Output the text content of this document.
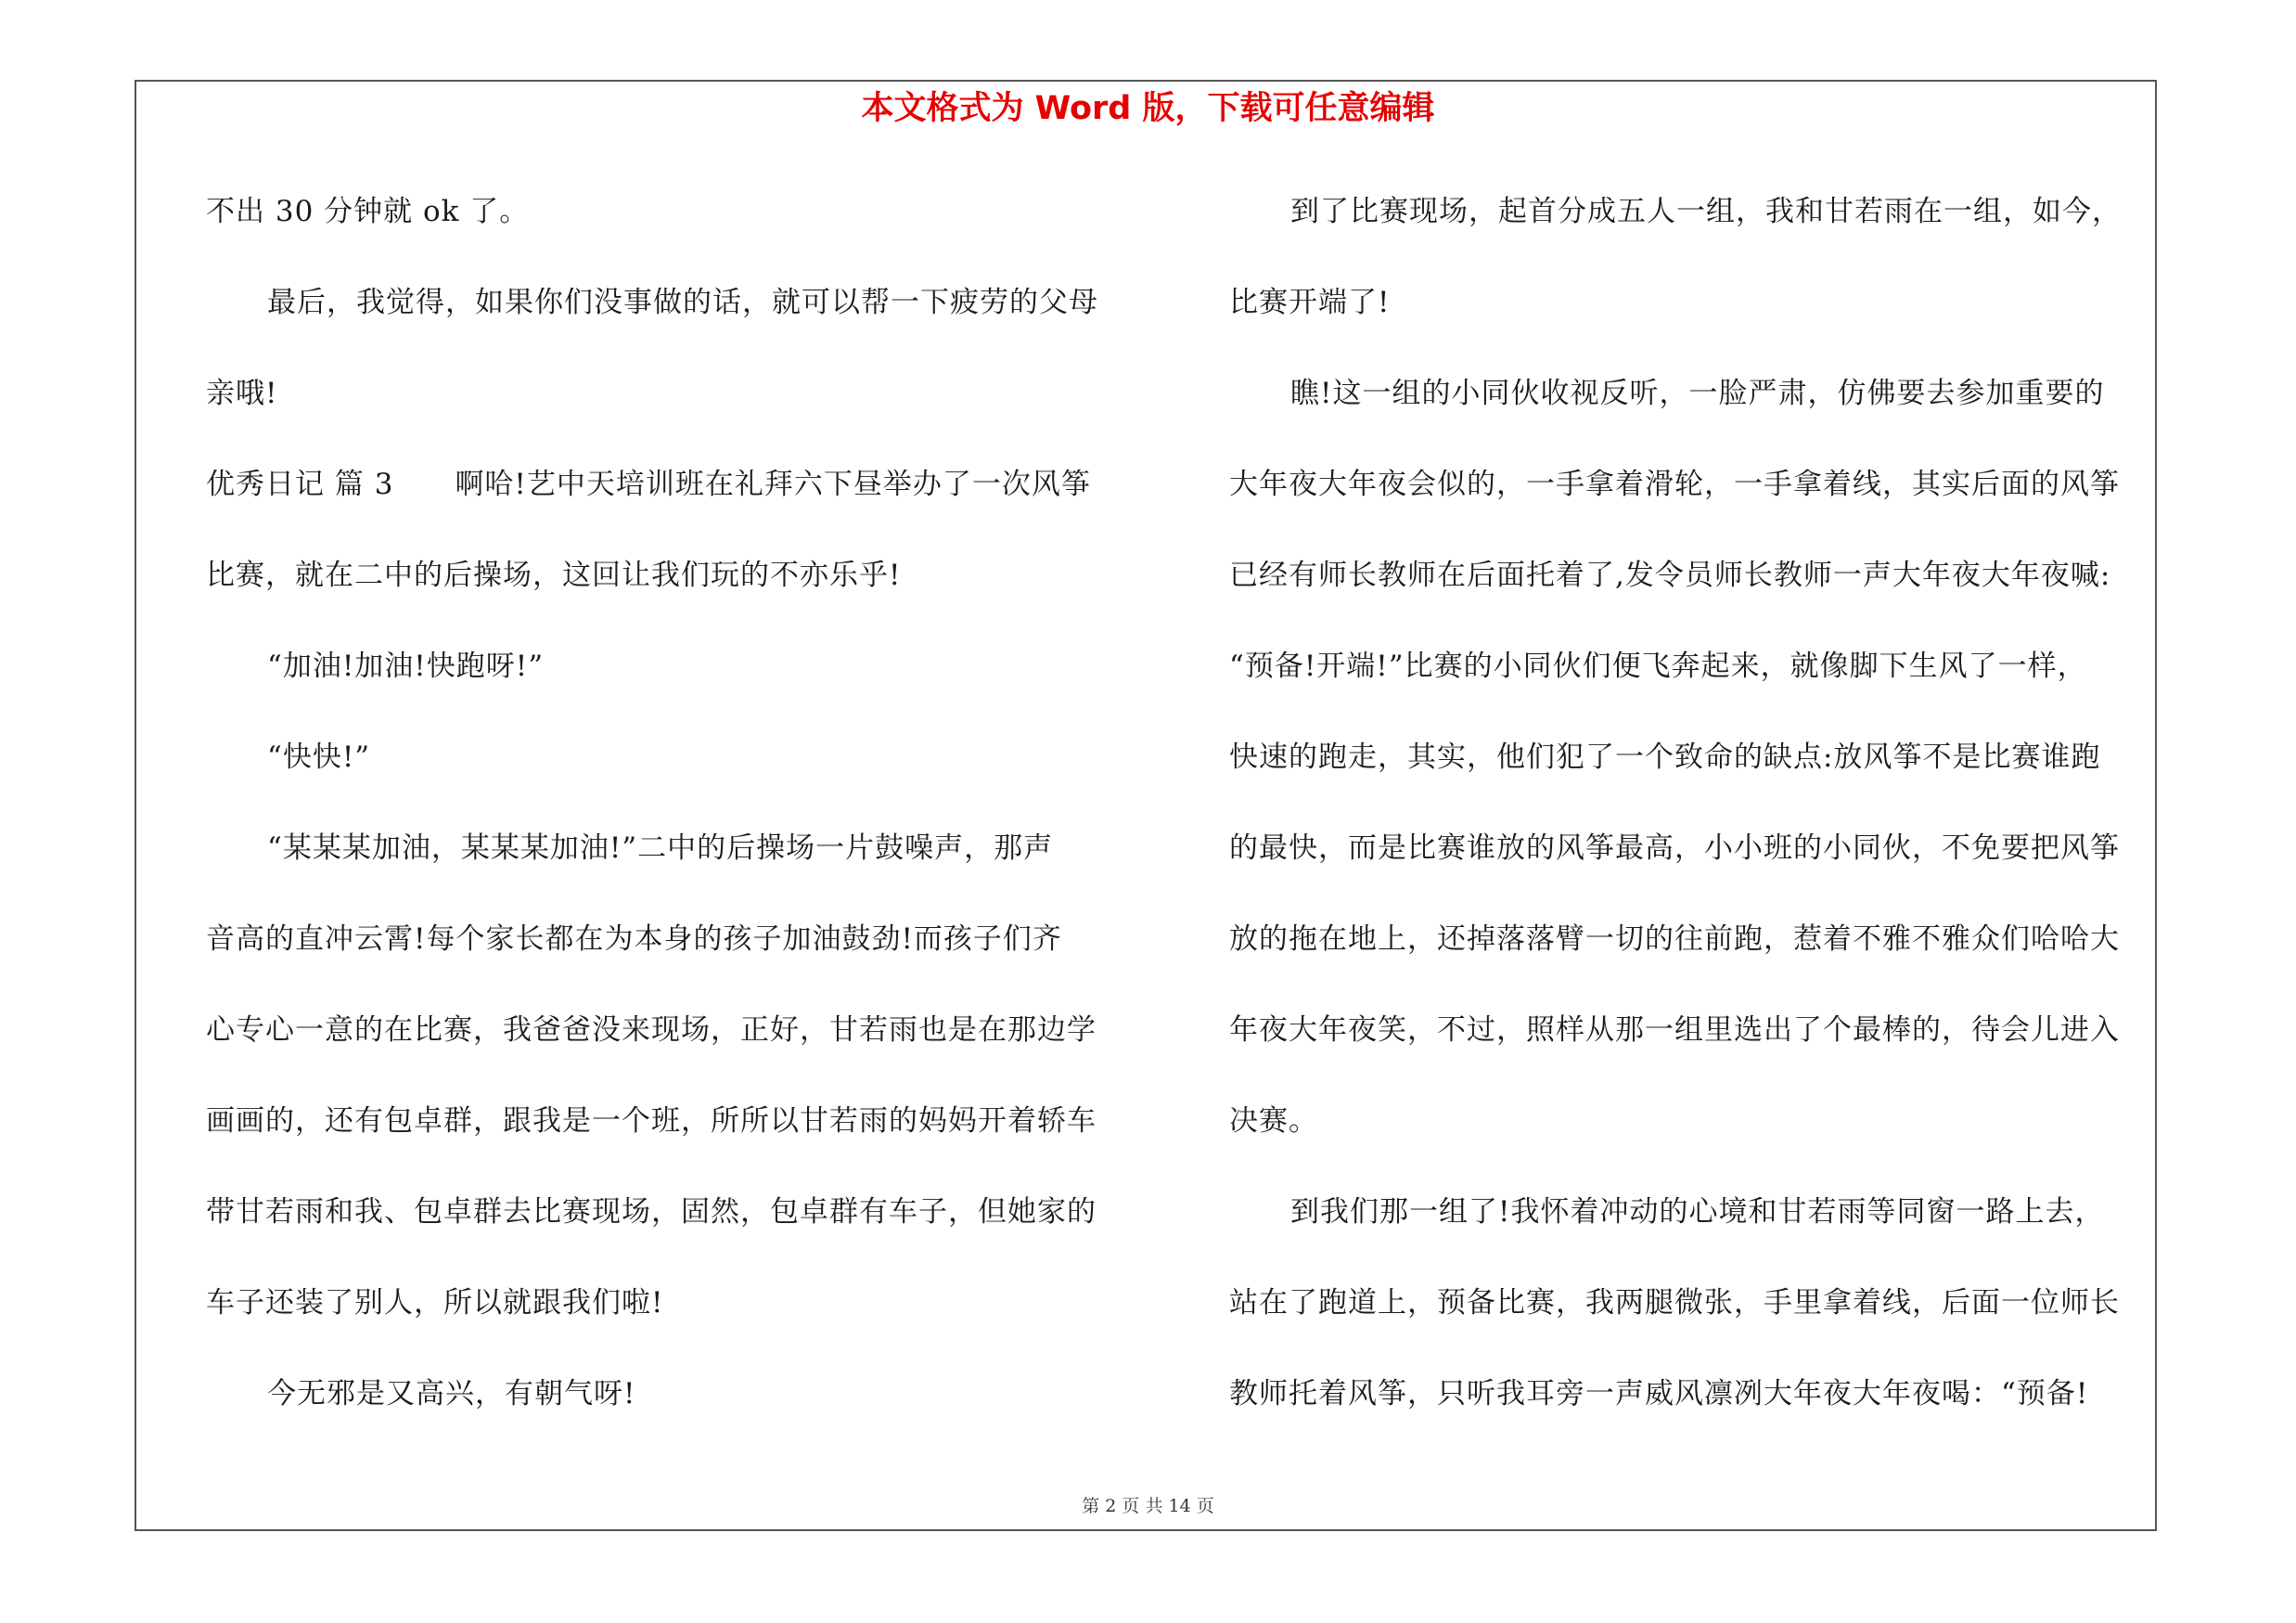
本文格式为 Word 版，下载可任意编辑
不出 30 分钟就 ok 了。
最后，我觉得，如果你们没事做的话，就可以帮一下疲劳的父母
亲哦!
优秀日记 篇 3 啊哈!艺中天培训班在礼拜六下昼举办了一次风筝
比赛，就在二中的后操场，这回让我们玩的不亦乐乎!
“加油!加油!快跑呀!”
“快快!”
“某某某加油，某某某加油!”二中的后操场一片鼓噪声，那声
音高的直冲云霄!每个家长都在为本身的孩子加油鼓劲!而孩子们齐
心专心一意的在比赛，我爸爸没来现场，正好，甘若雨也是在那边学
画画的，还有包卓群，跟我是一个班，所所以甘若雨的妈妈开着轿车
带甘若雨和我、包卓群去比赛现场，固然，包卓群有车子，但她家的
车子还装了别人，所以就跟我们啦!
今无邪是又高兴，有朝气呀!
到了比赛现场，起首分成五人一组，我和甘若雨在一组，如今，
比赛开端了!
瞧!这一组的小同伙收视反听，一脸严肃，仿佛要去参加重要的
大年夜大年夜会似的，一手拿着滑轮，一手拿着线，其实后面的风筝
已经有师长教师在后面托着了,发令员师长教师一声大年夜大年夜喊:
“预备!开端!”比赛的小同伙们便飞奔起来，就像脚下生风了一样，
快速的跑走，其实，他们犯了一个致命的缺点:放风筝不是比赛谁跑
的最快，而是比赛谁放的风筝最高，小小班的小同伙，不免要把风筝
放的拖在地上，还掉落落臂一切的往前跑，惹着不雅不雅众们哈哈大
年夜大年夜笑，不过，照样从那一组里选出了个最棒的，待会儿进入
决赛。
到我们那一组了!我怀着冲动的心境和甘若雨等同窗一路上去，
站在了跑道上，预备比赛，我两腿微张，手里拿着线，后面一位师长
教师托着风筝，只听我耳旁一声威风凛冽大年夜大年夜喝：“预备!
第 2 页 共 14 页
